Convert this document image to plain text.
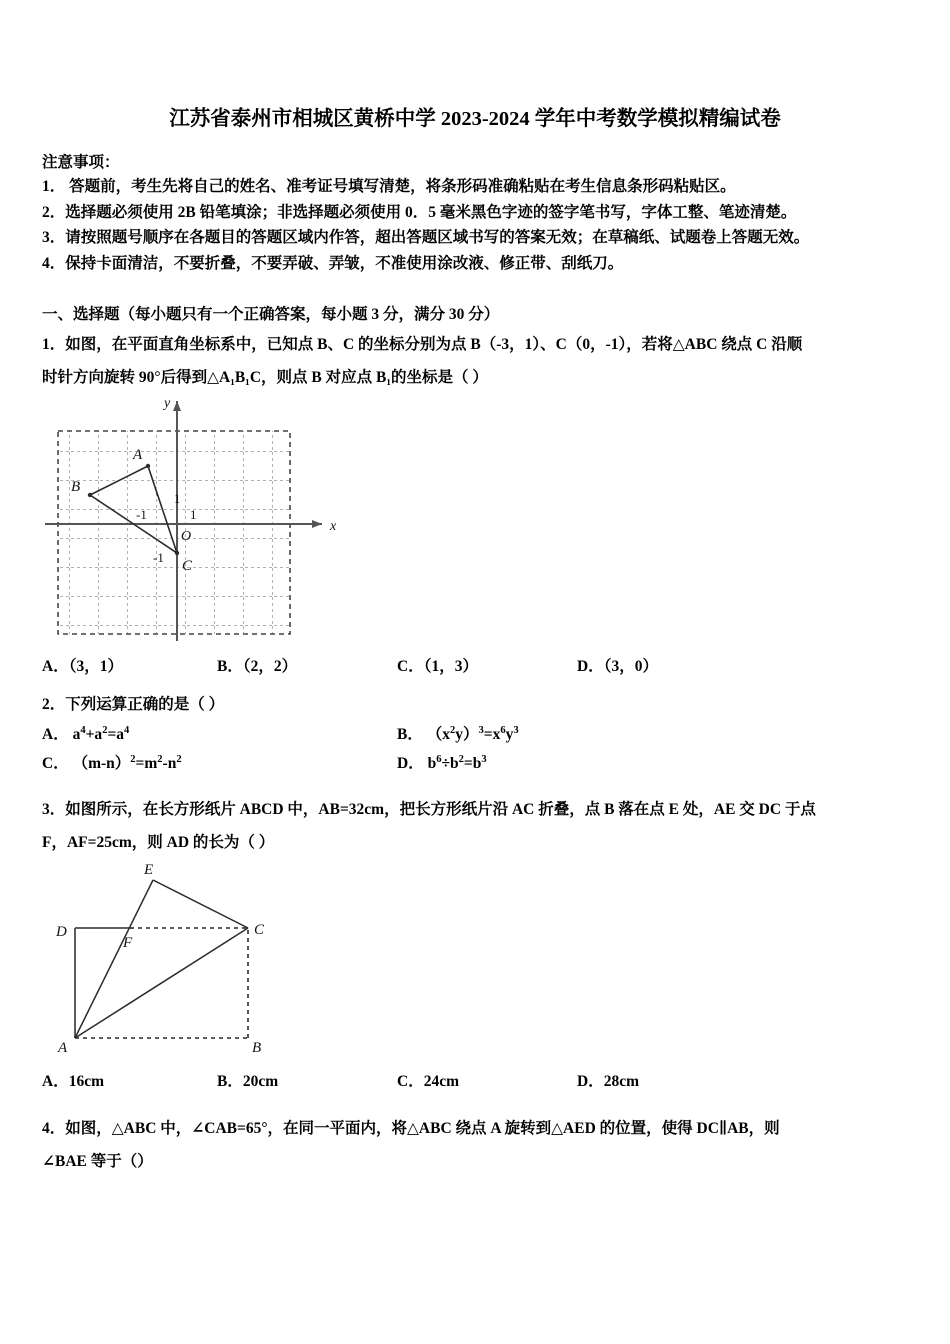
江苏省泰州市相城区黄桥中学 2023-2024 学年中考数学模拟精编试卷
注意事项：
1． 答题前，考生先将自己的姓名、准考证号填写清楚，将条形码准确粘贴在考生信息条形码粘贴区。
2．选择题必须使用 2B 铅笔填涂；非选择题必须使用 0．5 毫米黑色字迹的签字笔书写，字体工整、笔迹清楚。
3．请按照题号顺序在各题目的答题区域内作答，超出答题区域书写的答案无效；在草稿纸、试题卷上答题无效。
4．保持卡面清洁，不要折叠，不要弄破、弄皱，不准使用涂改液、修正带、刮纸刀。
一、选择题（每小题只有一个正确答案，每小题 3 分，满分 30 分）
1．如图，在平面直角坐标系中，已知点 B、C 的坐标分别为点 B（‐3，1）、C（0，‐1），若将△ABC 绕点 C 沿顺
时针方向旋转 90°后得到△A₁B₁C，则点 B 对应点 B₁的坐标是（ ）
A
B
C
O
x
y
1
1
-1
-1
A．（3，1）	B．（2，2）	C．（1，3）	D．（3，0）
2．下列运算正确的是（ ）
A． $a^4+a^2=a^4$	B． $(x^2y)^3=x^6y^3$
C． $(m‐n)^2=m^2‐n^2$	D． $b^6\div b^2=b^3$
3．如图所示，在长方形纸片 ABCD 中，AB=32cm，把长方形纸片沿 AC 折叠，点 B 落在点 E 处，AE 交 DC 于点
F，AF=25cm，则 AD 的长为（ ）
D
A	B
C
E
F
A．16cm	B．20cm	C．24cm	D．28cm
4．如图，△ABC 中，∠CAB=65°，在同一平面内，将△ABC 绕点 A 旋转到△AED 的位置，使得 DC∥AB，则
∠BAE 等于（）
